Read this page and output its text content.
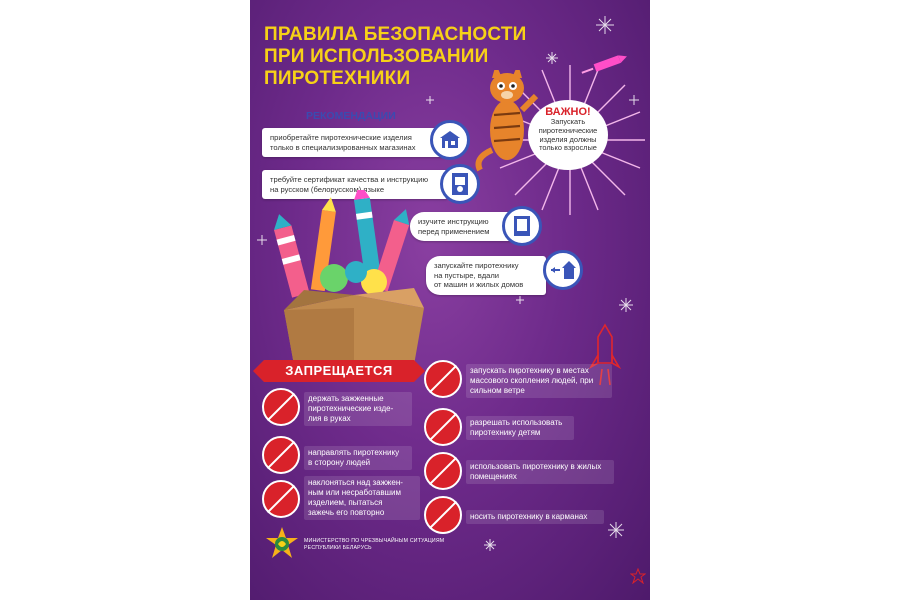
ПРАВИЛА БЕЗОПАСНОСТИ
ПРИ ИСПОЛЬЗОВАНИИ
ПИРОТЕХНИКИ
ВАЖНО!
Запускать
пиротехнические
изделия должны
только взрослые
РЕКОМЕНДАЦИИ
приобретайте пиротехнические изделия
только в специализированных магазинах
требуйте сертификат качества и инструкцию
на русском (белорусском) языке
изучите инструкцию
перед применением
запускайте пиротехнику
на пустыре, вдали
от машин и жилых домов
ЗАПРЕЩАЕТСЯ
держать зажженные
пиротехнические изде-
лия в руках
направлять пиротехнику
в сторону людей
наклоняться над зажжен-
ным или несработавшим
изделием, пытаться
зажечь его повторно
запускать пиротехнику в местах
массового скопления людей, при
сильном ветре
разрешать использовать
пиротехнику детям
использовать пиротехнику в жилых
помещениях
носить пиротехнику в карманах
МИНИСТЕРСТВО ПО ЧРЕЗВЫЧАЙНЫМ СИТУАЦИЯМ
РЕСПУБЛИКИ БЕЛАРУСЬ
